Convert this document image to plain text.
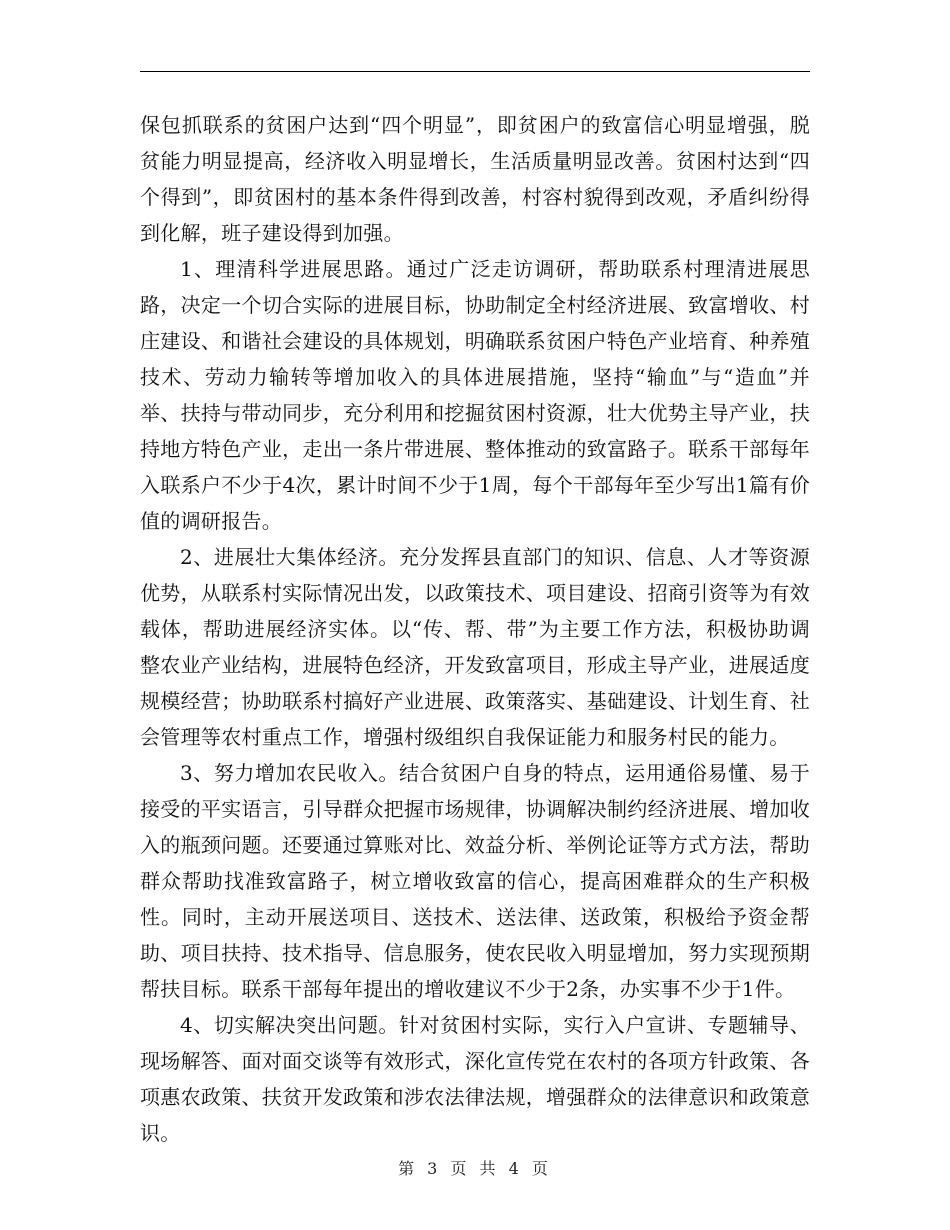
保包抓联系的贫困户达到“四个明显”，即贫困户的致富信心明显增强，脱贫能力明显提高，经济收入明显增长，生活质量明显改善。贫困村达到“四个得到”，即贫困村的基本条件得到改善，村容村貌得到改观，矛盾纠纷得到化解，班子建设得到加强。

1、理清科学进展思路。通过广泛走访调研，帮助联系村理清进展思路，决定一个切合实际的进展目标，协助制定全村经济进展、致富增收、村庄建设、和谐社会建设的具体规划，明确联系贫困户特色产业培育、种养殖技术、劳动力输转等增加收入的具体进展措施，坚持“输血”与“造血”并举、扶持与带动同步，充分利用和挖掘贫困村资源，壮大优势主导产业，扶持地方特色产业，走出一条片带进展、整体推动的致富路子。联系干部每年入联系户不少于4次，累计时间不少于1周，每个干部每年至少写出1篇有价值的调研报告。

2、进展壮大集体经济。充分发挥县直部门的知识、信息、人才等资源优势，从联系村实际情况出发，以政策技术、项目建设、招商引资等为有效载体，帮助进展经济实体。以“传、帮、带”为主要工作方法，积极协助调整农业产业结构，进展特色经济，开发致富项目，形成主导产业，进展适度规模经营；协助联系村搞好产业进展、政策落实、基础建设、计划生育、社会管理等农村重点工作，增强村级组织自我保证能力和服务村民的能力。

3、努力增加农民收入。结合贫困户自身的特点，运用通俗易懂、易于接受的平实语言，引导群众把握市场规律，协调解决制约经济进展、增加收入的瓶颈问题。还要通过算账对比、效益分析、举例论证等方式方法，帮助群众帮助找准致富路子，树立增收致富的信心，提高困难群众的生产积极性。同时，主动开展送项目、送技术、送法律、送政策，积极给予资金帮助、项目扶持、技术指导、信息服务，使农民收入明显增加，努力实现预期帮扶目标。联系干部每年提出的增收建议不少于2条，办实事不少于1件。

4、切实解决突出问题。针对贫困村实际，实行入户宣讲、专题辅导、现场解答、面对面交谈等有效形式，深化宣传党在农村的各项方针政策、各项惠农政策、扶贫开发政策和涉农法律法规，增强群众的法律意识和政策意识。

第 3 页 共 4 页
